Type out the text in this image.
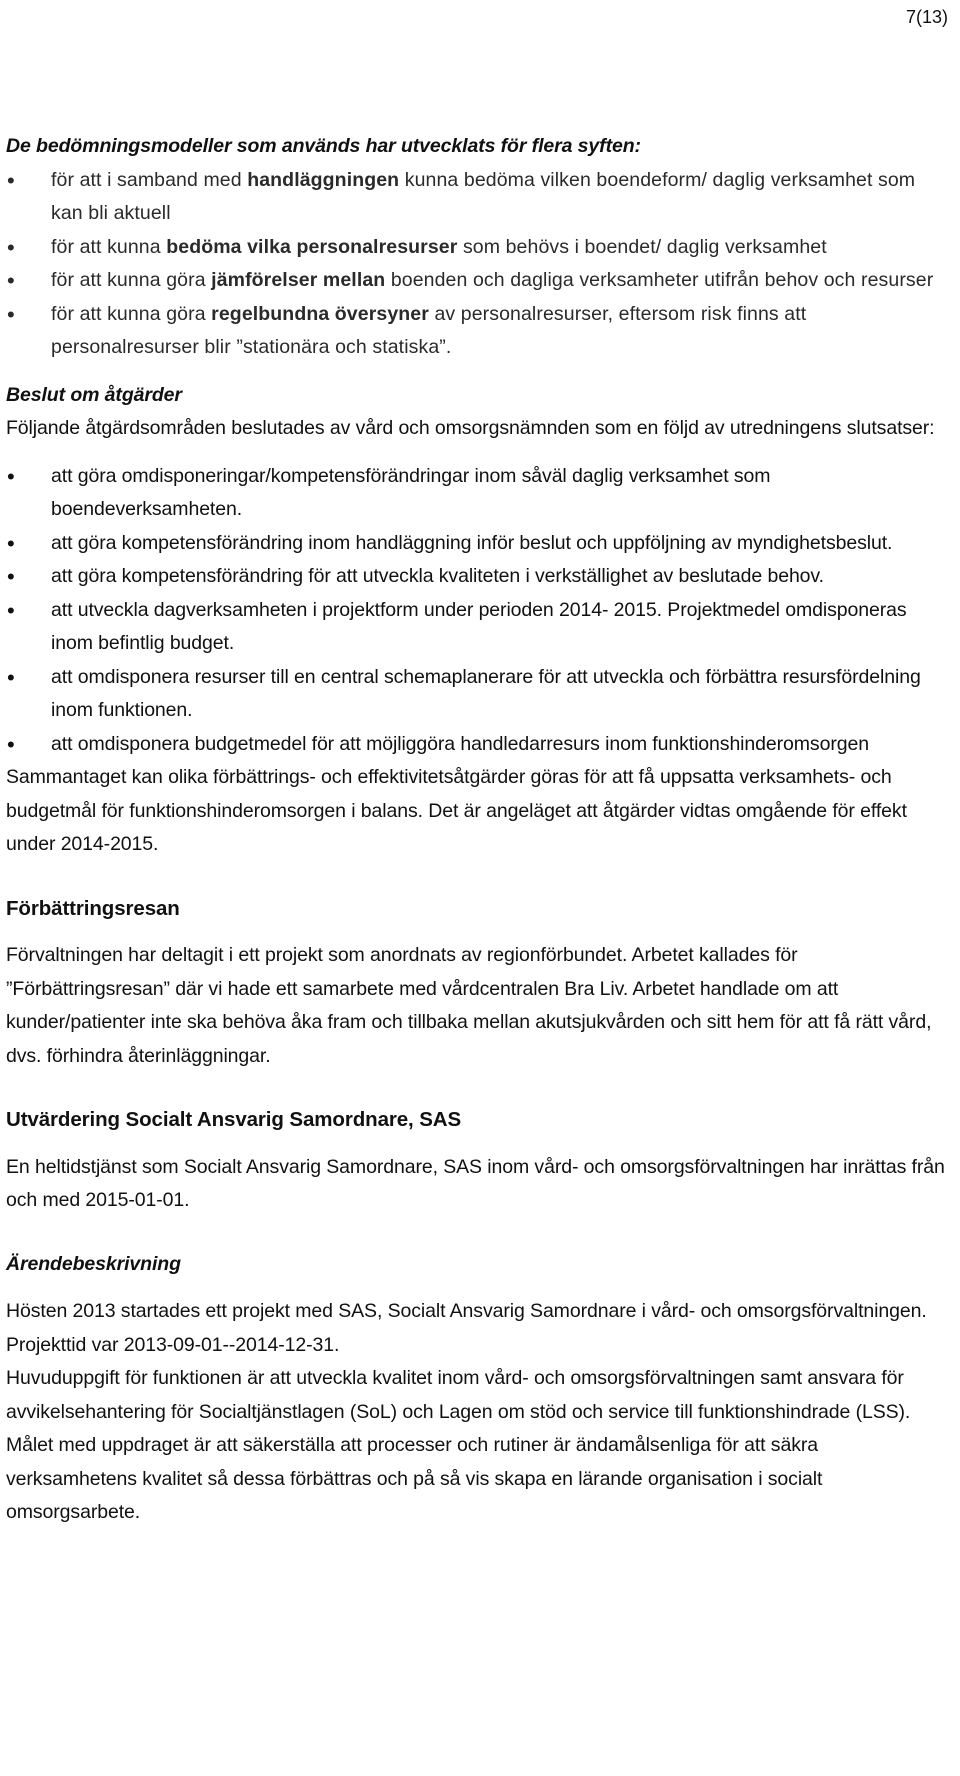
7(13)

De bedömningsmodeller som används har utvecklats för flera syften:

• för att i samband med handläggningen kunna bedöma vilken boendeform/ daglig verksamhet som kan bli aktuell
• för att kunna bedöma vilka personalresurser som behövs i boendet/ daglig verksamhet
• för att kunna göra jämförelser mellan boenden och dagliga verksamheter utifrån behov och resurser
• för att kunna göra regelbundna översyner av personalresurser, eftersom risk finns att personalresurser blir ”stationära och statiska”.

Beslut om åtgärder

Följande åtgärdsområden beslutades av vård och omsorgsnämnden som en följd av utredningens slutsatser:

• att göra omdisponeringar/kompetensförändringar inom såväl daglig verksamhet som boendeverksamheten.
• att göra kompetensförändring inom handläggning inför beslut och uppföljning av myndighetsbeslut.
• att göra kompetensförändring för att utveckla kvaliteten i verkställighet av beslutade behov.
• att utveckla dagverksamheten i projektform under perioden 2014- 2015. Projektmedel omdisponeras inom befintlig budget.
• att omdisponera resurser till en central schemaplanerare för att utveckla och förbättra resursfördelning inom funktionen.
• att omdisponera budgetmedel för att möjliggöra handledarresurs inom funktionshinderomsorgen

Sammantaget kan olika förbättrings- och effektivitetsåtgärder göras för att få uppsatta verksamhets- och budgetmål för funktionshinderomsorgen i balans. Det är angeläget att åtgärder vidtas omgående för effekt under 2014-2015.

Förbättringsresan

Förvaltningen har deltagit i ett projekt som anordnats av regionförbundet. Arbetet kallades för ”Förbättringsresan” där vi hade ett samarbete med vårdcentralen Bra Liv. Arbetet handlade om att kunder/patienter inte ska behöva åka fram och tillbaka mellan akutsjukvården och sitt hem för att få rätt vård, dvs. förhindra återinläggningar.

Utvärdering Socialt Ansvarig Samordnare, SAS

En heltidstjänst som Socialt Ansvarig Samordnare, SAS inom vård- och omsorgsförvaltningen har inrättas från och med 2015-01-01.

Ärendebeskrivning

Hösten 2013 startades ett projekt med SAS, Socialt Ansvarig Samordnare i vård- och omsorgsförvaltningen. Projekttid var 2013-09-01--2014-12-31.

Huvuduppgift för funktionen är att utveckla kvalitet inom vård- och omsorgsförvaltningen samt ansvara för avvikelsehantering för Socialtjänstlagen (SoL) och Lagen om stöd och service till funktionshindrade (LSS).

Målet med uppdraget är att säkerställa att processer och rutiner är ändamålsenliga för att säkra verksamhetens kvalitet så dessa förbättras och på så vis skapa en lärande organisation i socialt omsorgsarbete.
